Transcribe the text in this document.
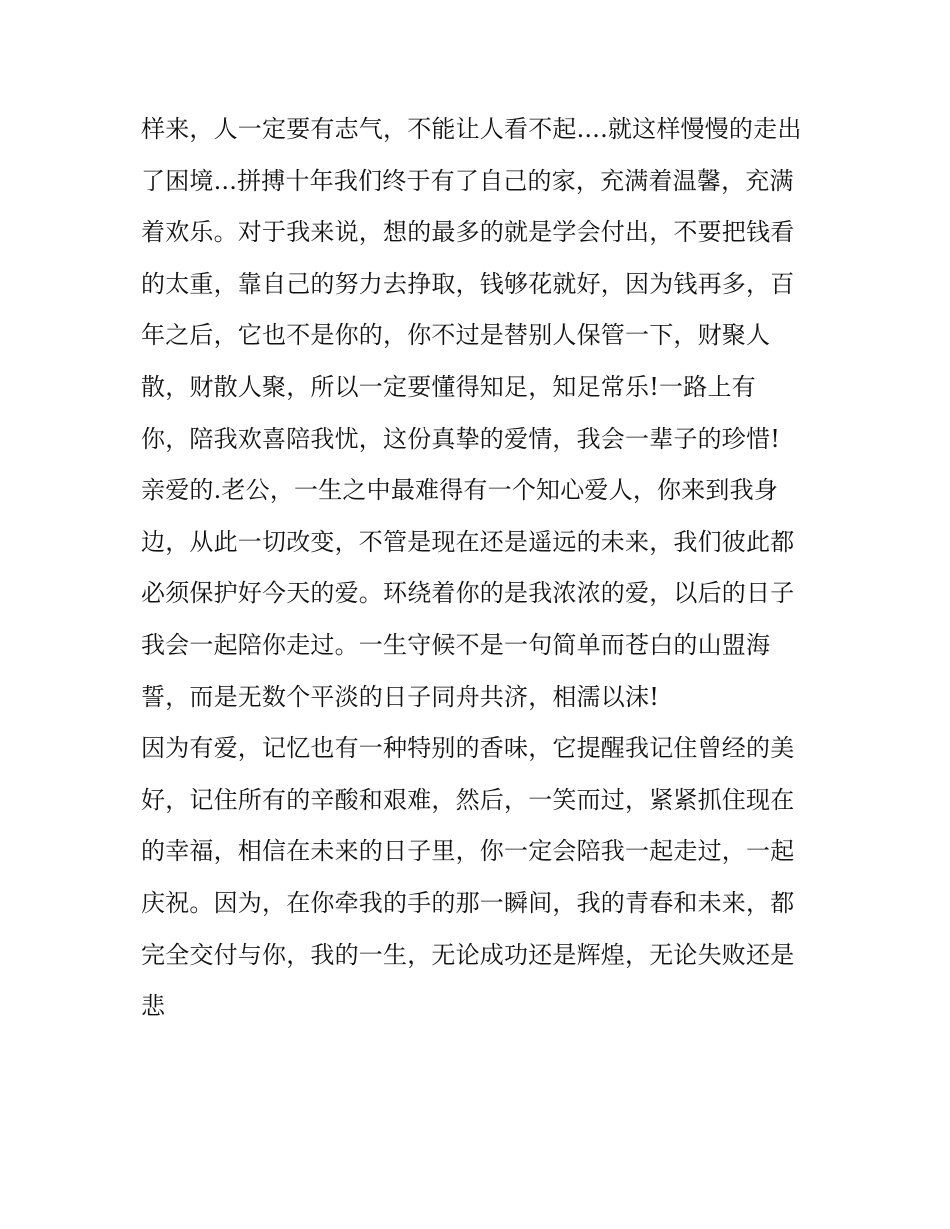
样来，人一定要有志气，不能让人看不起....就这样慢慢的走出
了困境...拼搏十年我们终于有了自己的家，充满着温馨，充满
着欢乐。对于我来说，想的最多的就是学会付出，不要把钱看
的太重，靠自己的努力去挣取，钱够花就好，因为钱再多，百
年之后，它也不是你的，你不过是替别人保管一下，财聚人
散，财散人聚，所以一定要懂得知足，知足常乐!一路上有
你，陪我欢喜陪我忧，这份真挚的爱情，我会一辈子的珍惜!
亲爱的.老公，一生之中最难得有一个知心爱人，你来到我身
边，从此一切改变，不管是现在还是遥远的未来，我们彼此都
必须保护好今天的爱。环绕着你的是我浓浓的爱，以后的日子
我会一起陪你走过。一生守候不是一句简单而苍白的山盟海
誓，而是无数个平淡的日子同舟共济，相濡以沫!
因为有爱，记忆也有一种特别的香味，它提醒我记住曾经的美
好，记住所有的辛酸和艰难，然后，一笑而过，紧紧抓住现在
的幸福，相信在未来的日子里，你一定会陪我一起走过，一起
庆祝。因为，在你牵我的手的那一瞬间，我的青春和未来，都
完全交付与你，我的一生，无论成功还是辉煌，无论失败还是
悲
